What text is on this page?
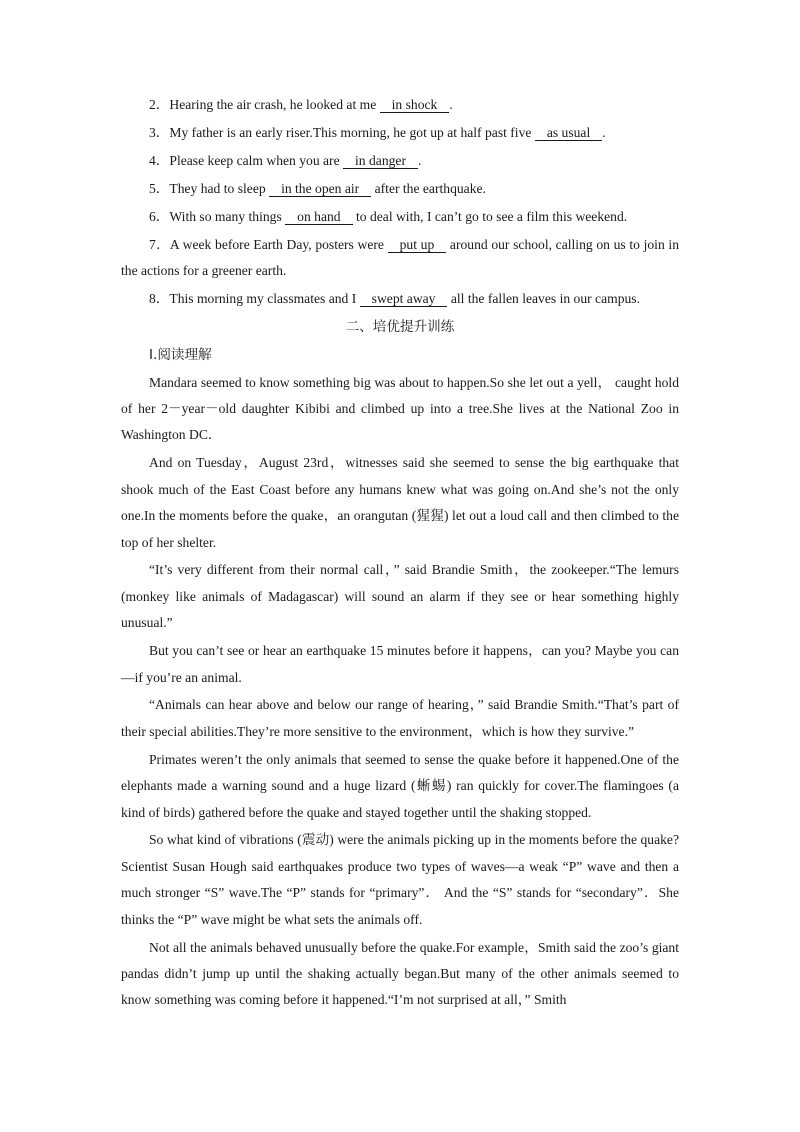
2．Hearing the air crash, he looked at me in shock .

3．My father is an early riser.This morning, he got up at half past five as usual .

4．Please keep calm when you are in danger .

5．They had to sleep in the open air after the earthquake.

6．With so many things on hand to deal with, I can’t go to see a film this weekend.

7．A week before Earth Day, posters were put up around our school, calling on us to join in the actions for a greener earth.

8．This morning my classmates and I swept away all the fallen leaves in our campus.

二、培优提升训练

Ⅰ.阅读理解

Mandara seemed to know something big was about to happen.So she let out a yell， caught hold of her 2－year－old daughter Kibibi and climbed up into a tree.She lives at the National Zoo in Washington DC．

And on Tuesday，August 23rd，witnesses said she seemed to sense the big earthquake that shook much of the East Coast before any humans knew what was going on.And she’s not the only one.In the moments before the quake，an orangutan (猩猩) let out a loud call and then climbed to the top of her shelter.

“It’s very different from their normal call，” said Brandie Smith，the zookeeper.“The lemurs (monkey like animals of Madagascar) will sound an alarm if they see or hear something highly unusual.”

But you can’t see or hear an earthquake 15 minutes before it happens，can you? Maybe you can—if you’re an animal.

“Animals can hear above and below our range of hearing，” said Brandie Smith.“That’s part of their special abilities.They’re more sensitive to the environment，which is how they survive.”

Primates weren’t the only animals that seemed to sense the quake before it happened.One of the elephants made a warning sound and a huge lizard (蜥蜴) ran quickly for cover.The flamingoes (a kind of birds) gathered before the quake and stayed together until the shaking stopped.

So what kind of vibrations (震动) were the animals picking up in the moments before the quake? Scientist Susan Hough said earthquakes produce two types of waves—a weak “P” wave and then a much stronger “S” wave.The “P” stands for “primary”． And the “S” stands for “secondary”．She thinks the “P” wave might be what sets the animals off.

Not all the animals behaved unusually before the quake.For example，Smith said the zoo’s giant pandas didn’t jump up until the shaking actually began.But many of the other animals seemed to know something was coming before it happened.“I’m not surprised at all，” Smith
